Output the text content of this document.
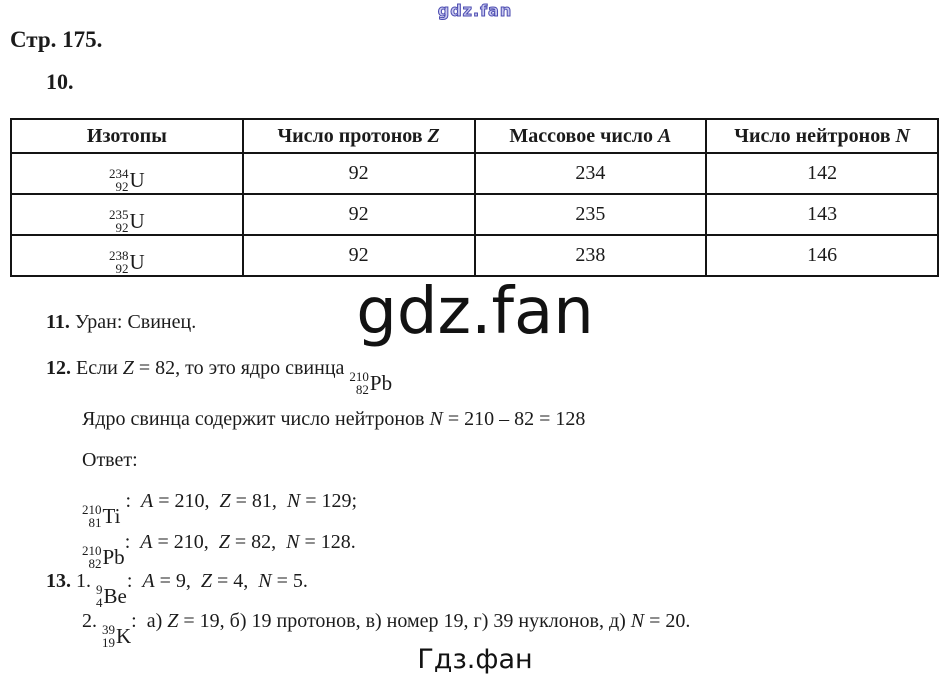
gdz.fan
Стр. 175.
10.
Изотопы	Число протонов Z	Массовое число A	Число нейтронов N

234
92 U	92	234	142

235
92 U	92	235	143

238
92 U	92	238	146
gdz.fan
11. Уран: Свинец.
12. Если Z = 82, то это ядро свинца 210
82 Pb
Ядро свинца содержит число нейтронов N = 210 – 82 = 128
Ответ:
210
81 Ti
:  A = 210,  Z = 81,  N = 129;
210
82 Pb
:  A = 210,  Z = 82,  N = 128.
13. 1. 9
4 Be
:  A = 9,  Z = 4,  N = 5.
2. 39
19 K
:  а) Z = 19, б) 19 протонов, в) номер 19, г) 39 нуклонов, д) N = 20.
Гдз.фан
